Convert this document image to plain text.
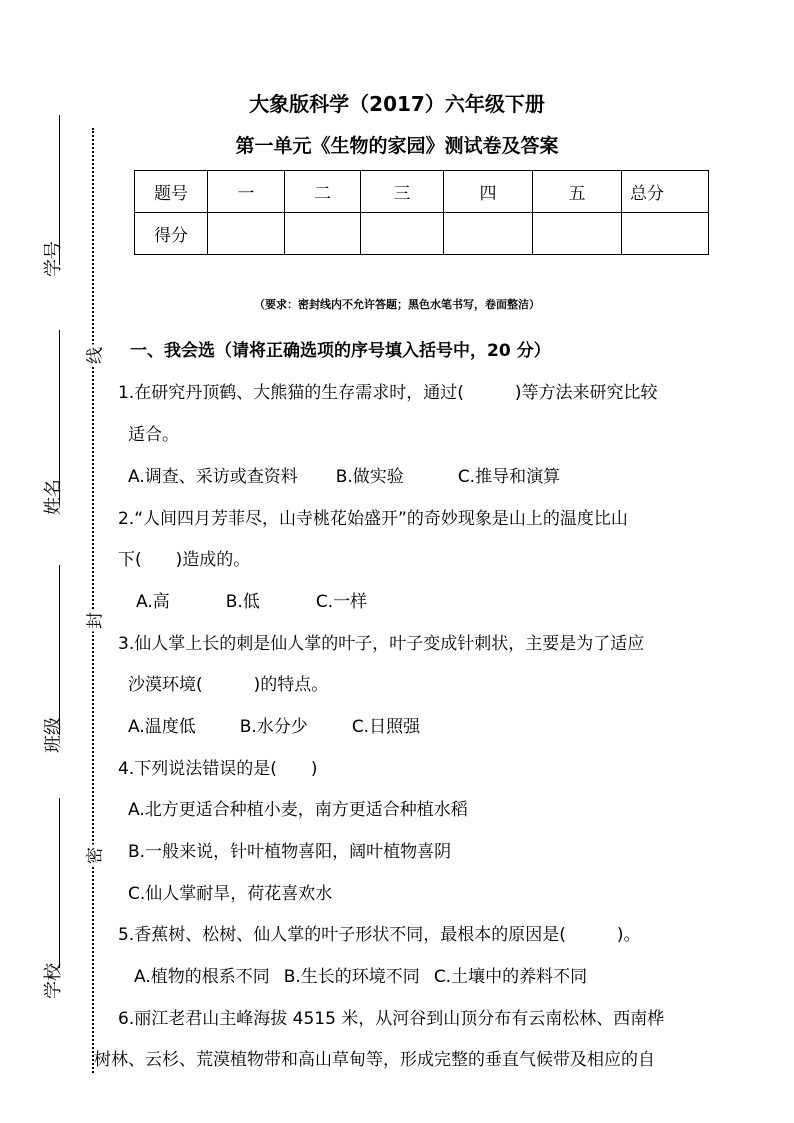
学号
姓名
班级
学校
线
封
密
大象版科学（2017）六年级下册
第一单元《生物的家园》测试卷及答案
题号	一	二	三	四	五	总分
得分						
（要求：密封线内不允许答题；黑色水笔书写，卷面整洁）
一、我会选（请将正确选项的序号填入括号中，20 分）
1.在研究丹顶鹤、大熊猫的生存需求时，通过(　　　)等方法来研究比较
适合。
A.调查、采访或查资料 B.做实验	C.推导和演算
2.“人间四月芳菲尽，山寺桃花始盛开”的奇妙现象是山上的温度比山
下(　　)造成的。
A.高	B.低	C.一样
3.仙人掌上长的刺是仙人掌的叶子，叶子变成针刺状，主要是为了适应
沙漠环境(　　　)的特点。
A.温度低	B.水分少	C.日照强
4.下列说法错误的是(　　)
A.北方更适合种植小麦，南方更适合种植水稻
B.一般来说，针叶植物喜阳，阔叶植物喜阴
C.仙人掌耐旱，荷花喜欢水
5.香蕉树、松树、仙人掌的叶子形状不同，最根本的原因是(　　　)。
A.植物的根系不同 B.生长的环境不同 C.土壤中的养料不同
6.丽江老君山主峰海拔 4515 米，从河谷到山顶分布有云南松林、西南桦
树林、云杉、荒漠植物带和高山草甸等，形成完整的垂直气候带及相应的自
